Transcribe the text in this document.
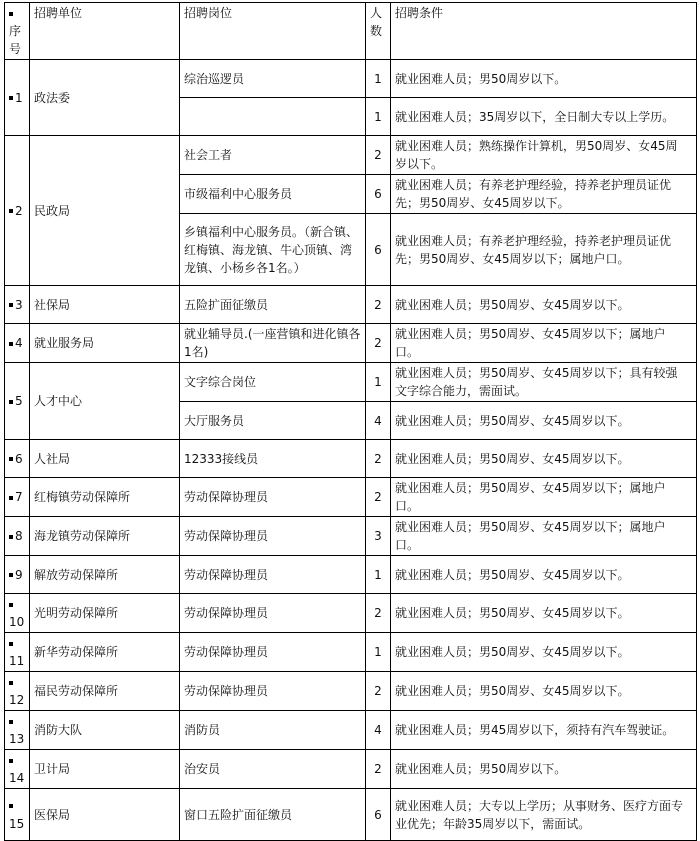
序号	招聘单位	招聘岗位	人数	招聘条件
1	政法委	综治巡逻员	1	就业困难人员；男50周岁以下。
			1	就业困难人员；35周岁以下，全日制大专以上学历。
2	民政局	社会工者	2	就业困难人员；熟练操作计算机，男50周岁、女45周岁以下。
		市级福利中心服务员	6	就业困难人员；有养老护理经验，持养老护理员证优先；男50周岁、女45周岁以下。
		乡镇福利中心服务员。（新合镇、红梅镇、海龙镇、牛心顶镇、湾龙镇、小杨乡各1名。）	6	就业困难人员；有养老护理经验，持养老护理员证优先；男50周岁、女45周岁以下；属地户口。
3	社保局	五险扩面征缴员	2	就业困难人员；男50周岁、女45周岁以下。
4	就业服务局	就业辅导员.(一座营镇和进化镇各1名)	2	就业困难人员；男50周岁、女45周岁以下；属地户口。
5	人才中心	文字综合岗位	1	就业困难人员；男50周岁、女45周岁以下；具有较强文字综合能力，需面试。
		大厅服务员	4	就业困难人员；男50周岁、女45周岁以下。
6	人社局	12333接线员	2	就业困难人员；男50周岁、女45周岁以下。
7	红梅镇劳动保障所	劳动保障协理员	2	就业困难人员；男50周岁、女45周岁以下；属地户口。
8	海龙镇劳动保障所	劳动保障协理员	3	就业困难人员；男50周岁、女45周岁以下；属地户口。
9	解放劳动保障所	劳动保障协理员	1	就业困难人员；男50周岁、女45周岁以下。
10	光明劳动保障所	劳动保障协理员	2	就业困难人员；男50周岁、女45周岁以下。
11	新华劳动保障所	劳动保障协理员	1	就业困难人员；男50周岁、女45周岁以下。
12	福民劳动保障所	劳动保障协理员	2	就业困难人员；男50周岁、女45周岁以下。
13	消防大队	消防员	4	就业困难人员；男45周岁以下，须持有汽车驾驶证。
14	卫计局	治安员	2	就业困难人员；男50周岁以下。
15	医保局	窗口五险扩面征缴员	6	就业困难人员；大专以上学历；从事财务、医疗方面专业优先；年龄35周岁以下，需面试。
